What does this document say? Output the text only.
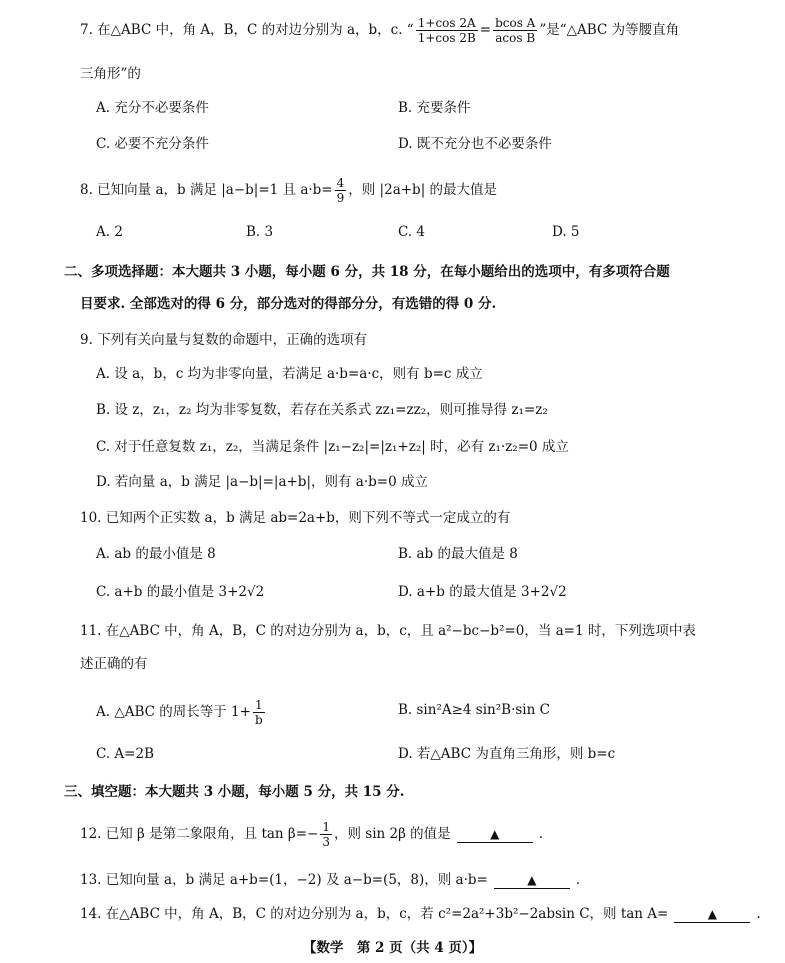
7. 在△ABC 中，角 A，B，C 的对边分别为 a，b，c. “ $\frac{1+\cos 2A}{1+\cos 2B} = \frac{\text{bcos A}}{\text{acos B}}$ ”是“△ABC 为等腰直角
三角形”的
A. 充分不必要条件	B. 充要条件
C. 必要不充分条件	D. 既不充分也不必要条件
8. 已知向量 a，b 满足 |a−b|=1 且 $a\cdot b= \frac{4}{9}$ ，则 |2a+b| 的最大值是
A. 2	B. 3	C. 4	D. 5
二、多项选择题：本大题共 3 小题，每小题 6 分，共 18 分，在每小题给出的选项中，有多项符合题
目要求. 全部选对的得 6 分，部分选对的得部分分，有选错的得 0 分.
9. 下列有关向量与复数的命题中，正确的选项有
A. 设 a，b，c 均为非零向量，若满足 a·b=a·c，则有 b=c 成立
B. 设 z，z₁，z₂ 均为非零复数，若存在关系式 zz₁=zz₂，则可推导得 z₁=z₂
C. 对于任意复数 z₁，z₂，当满足条件 |z₁−z₂|=|z₁+z₂| 时，必有 z₁·z₂=0 成立
D. 若向量 a，b 满足 |a−b|=|a+b|，则有 a·b=0 成立
10. 已知两个正实数 a，b 满足 ab=2a+b，则下列不等式一定成立的有
A. ab 的最小值是 8	B. ab 的最大值是 8
C. a+b 的最小值是 3+2√2	D. a+b 的最大值是 3+2√2
11. 在△ABC 中，角 A，B，C 的对边分别为 a，b，c，且 a²−bc−b²=0，当 a=1 时，下列选项中表
述正确的有
A. △ABC 的周长等于 $1+ \frac{1}{b}$	B. sin²A≥4 sin²B·sin C
C. A=2B	D. 若△ABC 为直角三角形，则 b=c
三、填空题：本大题共 3 小题，每小题 5 分，共 15 分.
12. 已知 β 是第二象限角，且 $\tan \beta=- \frac{1}{3}$ ，则 sin 2β 的值是	▲	.
13. 已知向量 a，b 满足 a+b=(1，−2) 及 a−b=(5，8)，则 a·b=	▲	.
14. 在△ABC 中，角 A，B，C 的对边分别为 a，b，c，若 c²=2a²+3b²−2absin C，则 tan A=	▲	.
【数学　第 2 页（共 4 页）】
